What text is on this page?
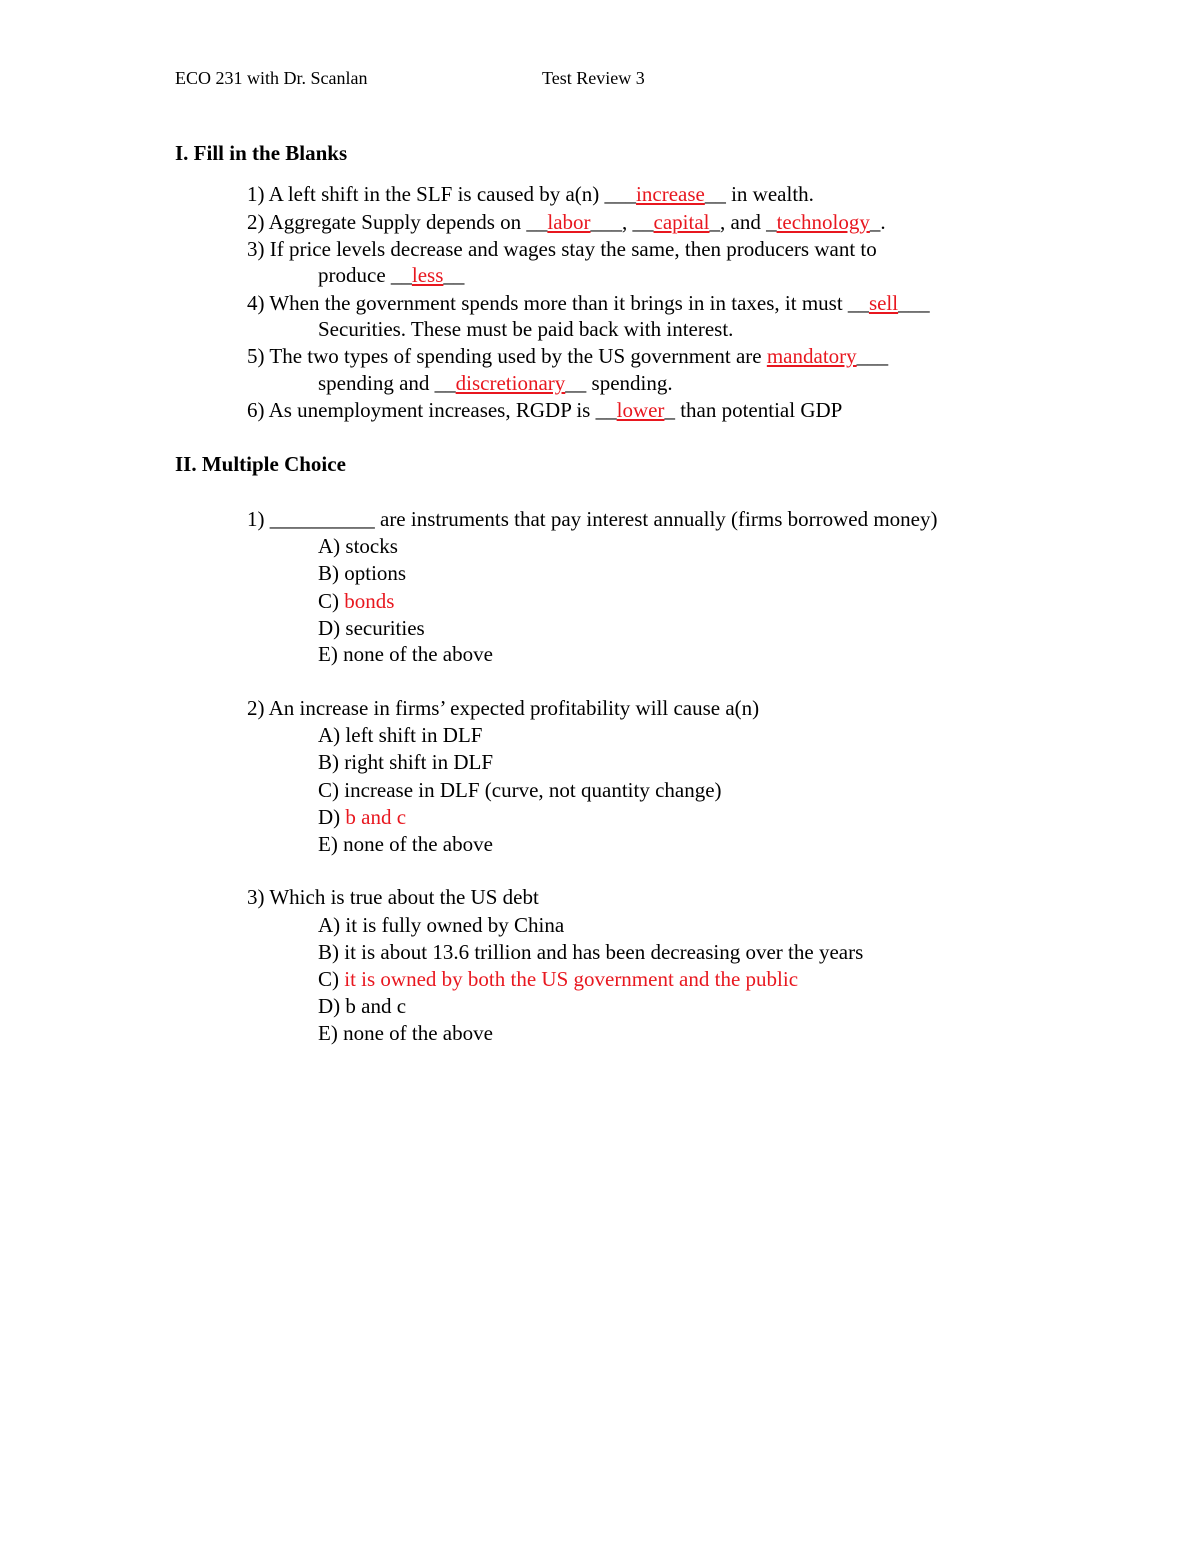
ECO 231 with Dr. Scanlan	Test Review 3
I. Fill in the Blanks
1) A left shift in the SLF is caused by a(n) ___increase__ in wealth.
2) Aggregate Supply depends on __labor___, __capital_, and _technology_.
3) If price levels decrease and wages stay the same, then producers want to
produce __less__
4) When the government spends more than it brings in in taxes, it must __sell___
Securities. These must be paid back with interest.
5) The two types of spending used by the US government are mandatory___
spending and __discretionary__ spending.
6) As unemployment increases, RGDP is __lower_ than potential GDP
II. Multiple Choice
1) __________ are instruments that pay interest annually (firms borrowed money)
A) stocks
B) options
C) bonds
D) securities
E) none of the above
2) An increase in firms’ expected profitability will cause a(n)
A) left shift in DLF
B) right shift in DLF
C) increase in DLF (curve, not quantity change)
D) b and c
E) none of the above
3) Which is true about the US debt
A) it is fully owned by China
B) it is about 13.6 trillion and has been decreasing over the years
C) it is owned by both the US government and the public
D) b and c
E) none of the above
